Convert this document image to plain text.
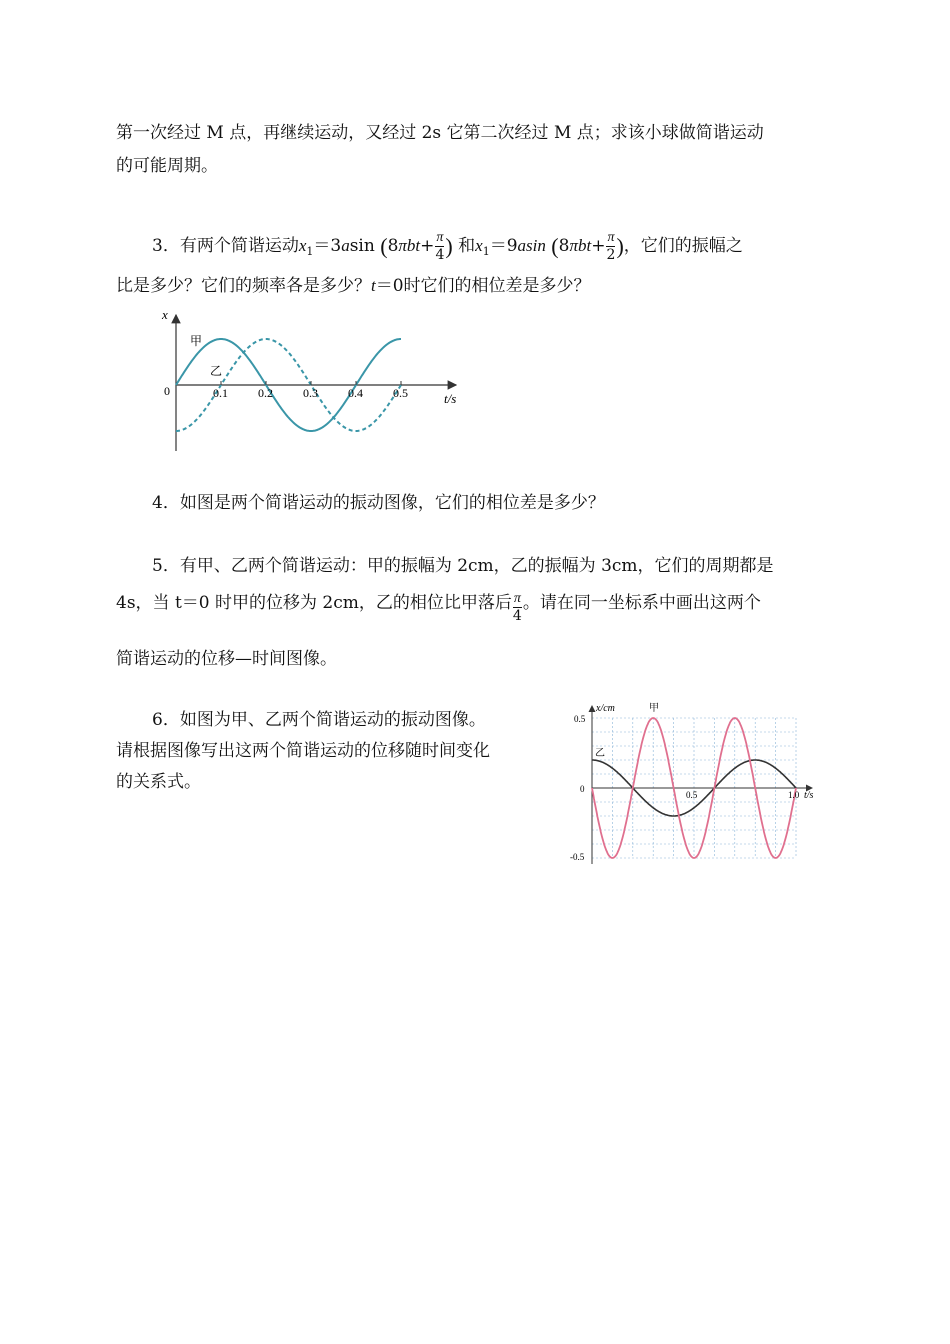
第一次经过 M 点，再继续运动，又经过 2s 它第二次经过 M 点；求该小球做简谐运动
的可能周期。
3．有两个简谐运动$x_1=3asin$ ($8\pi bt+ \frac{\pi}{4}$ ) 和$x_1=9asin$ ($8\pi bt+ \frac{\pi}{2}$ )，它们的振幅之
比是多少？它们的频率各是多少？t＝0时它们的相位差是多少？
0.1	0.2	0.3	0.4	0.5
x
0	t/s
甲
乙
4．如图是两个简谐运动的振动图像，它们的相位差是多少？
5．有甲、乙两个简谐运动：甲的振幅为 2cm，乙的振幅为 3cm，它们的周期都是
4s，当 t＝0 时甲的位移为 2cm，乙的相位比甲落后 $\frac{\pi}{4}$ 。请在同一坐标系中画出这两个
简谐运动的位移—时间图像。
6．如图为甲、乙两个简谐运动的振动图像。
请根据图像写出这两个简谐运动的位移随时间变化
的关系式。
x/cm	甲
乙
0.5
0
-0.5
0.5	1.0 t/s
